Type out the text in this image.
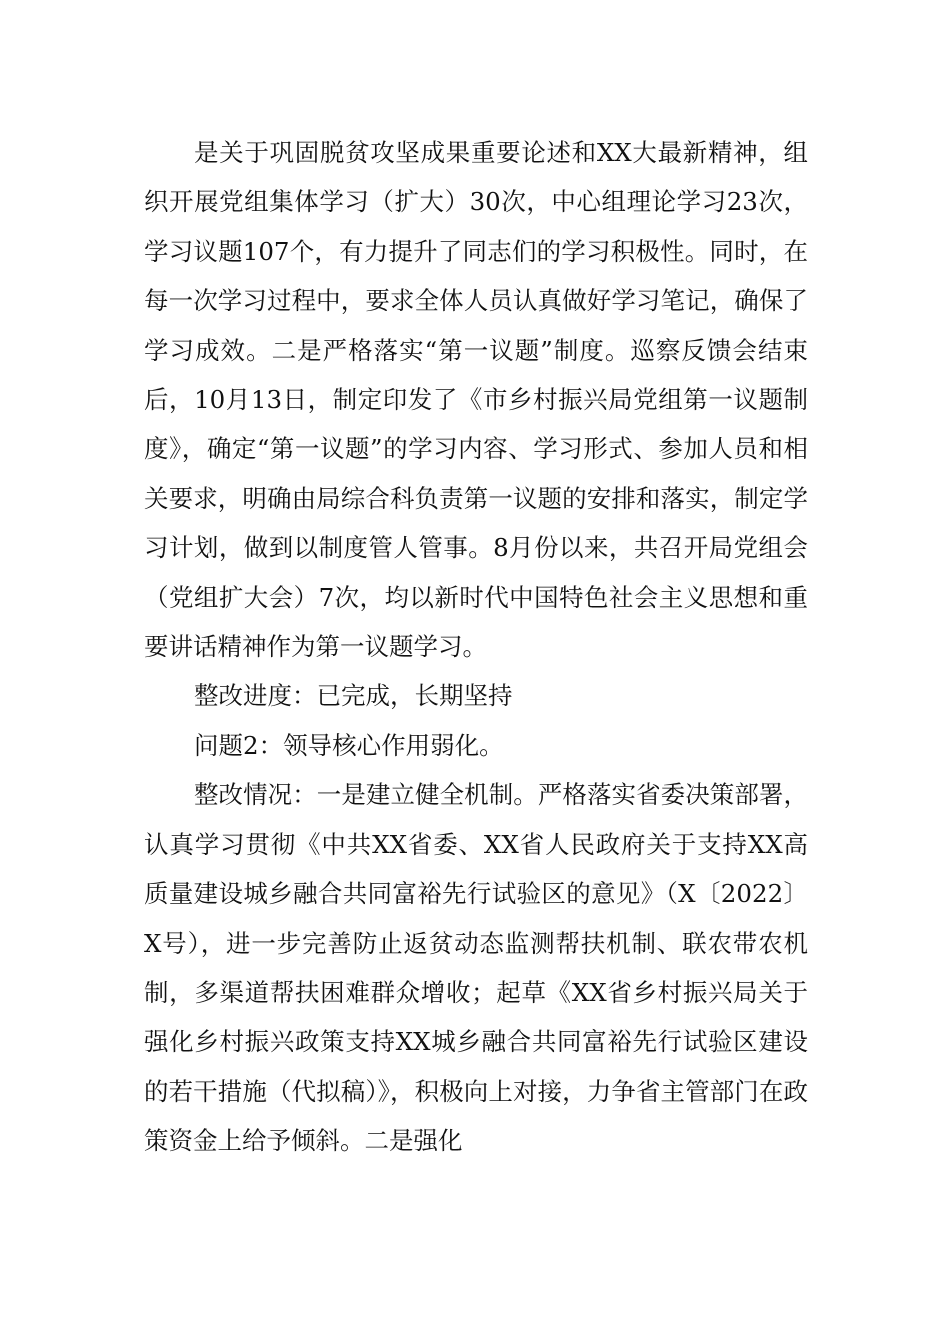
是关于巩固脱贫攻坚成果重要论述和XX大最新精神，组织开展党组集体学习（扩大）30次，中心组理论学习23次，学习议题107个，有力提升了同志们的学习积极性。同时，在每一次学习过程中，要求全体人员认真做好学习笔记，确保了学习成效。二是严格落实“第一议题”制度。巡察反馈会结束后，10月13日，制定印发了《市乡村振兴局党组第一议题制度》，确定“第一议题”的学习内容、学习形式、参加人员和相关要求，明确由局综合科负责第一议题的安排和落实，制定学习计划，做到以制度管人管事。8月份以来，共召开局党组会（党组扩大会）7次，均以新时代中国特色社会主义思想和重要讲话精神作为第一议题学习。

整改进度：已完成，长期坚持

问题2：领导核心作用弱化。

整改情况：一是建立健全机制。严格落实省委决策部署，认真学习贯彻《中共XX省委、XX省人民政府关于支持XX高质量建设城乡融合共同富裕先行试验区的意见》（X〔2022〕X号），进一步完善防止返贫动态监测帮扶机制、联农带农机制，多渠道帮扶困难群众增收；起草《XX省乡村振兴局关于强化乡村振兴政策支持XX城乡融合共同富裕先行试验区建设的若干措施（代拟稿）》，积极向上对接，力争省主管部门在政策资金上给予倾斜。二是强化
